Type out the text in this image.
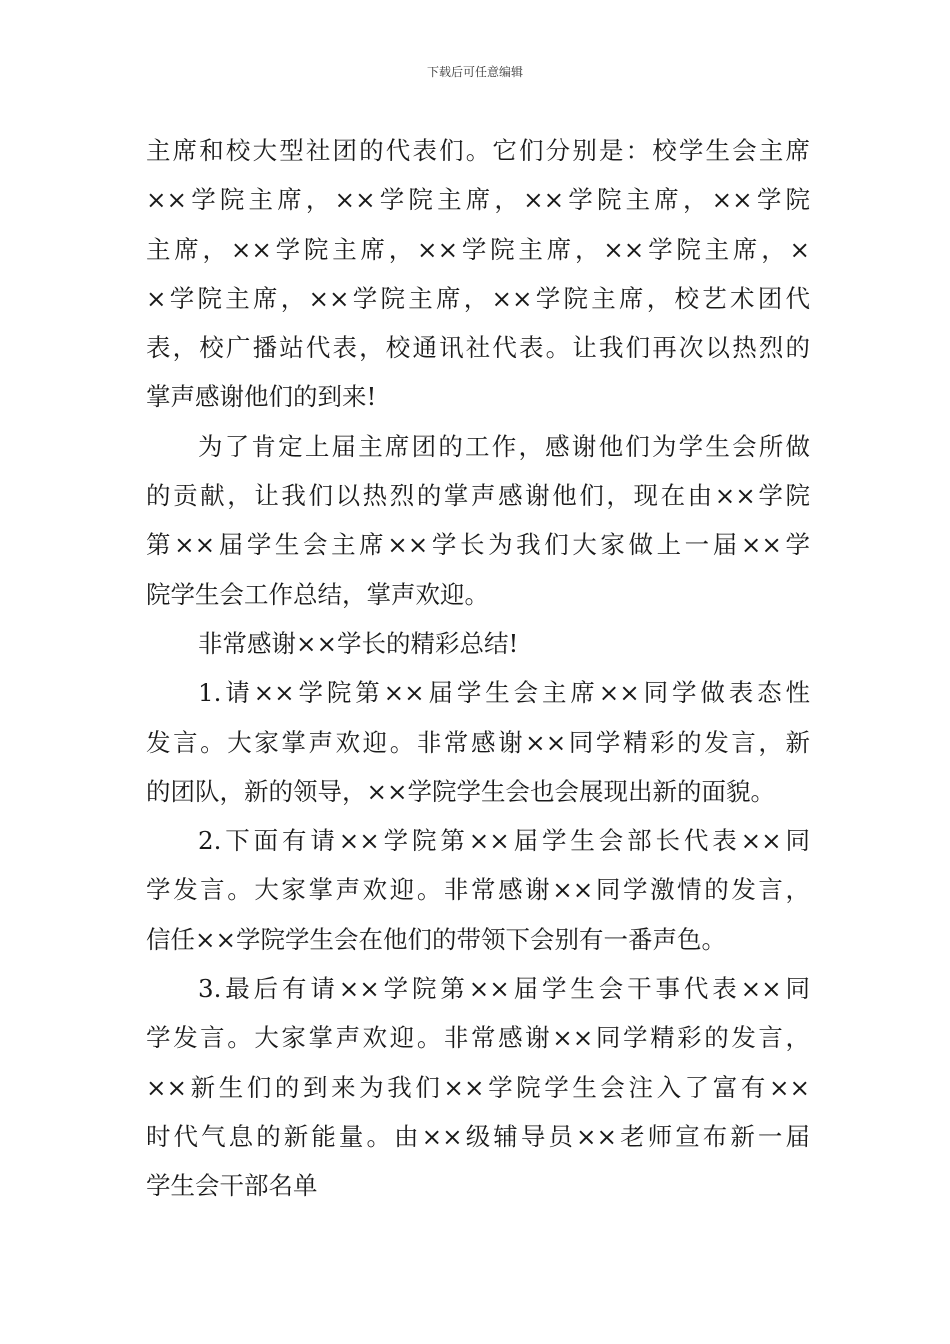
下载后可任意编辑
主席和校大型社团的代表们。它们分别是：校学生会主席
××学院主席，××学院主席，××学院主席，××学院
主席，××学院主席，××学院主席，××学院主席，×
×学院主席，××学院主席，××学院主席，校艺术团代
表，校广播站代表，校通讯社代表。让我们再次以热烈的
掌声感谢他们的到来!
为了肯定上届主席团的工作，感谢他们为学生会所做
的贡献，让我们以热烈的掌声感谢他们，现在由××学院
第××届学生会主席××学长为我们大家做上一届××学
院学生会工作总结，掌声欢迎。
非常感谢××学长的精彩总结!
1.请××学院第××届学生会主席××同学做表态性
发言。大家掌声欢迎。非常感谢××同学精彩的发言，新
的团队，新的领导，××学院学生会也会展现出新的面貌。
2.下面有请××学院第××届学生会部长代表××同
学发言。大家掌声欢迎。非常感谢××同学激情的发言，
信任××学院学生会在他们的带领下会别有一番声色。
3.最后有请××学院第××届学生会干事代表××同
学发言。大家掌声欢迎。非常感谢××同学精彩的发言，
××新生们的到来为我们××学院学生会注入了富有××
时代气息的新能量。由××级辅导员××老师宣布新一届
学生会干部名单
